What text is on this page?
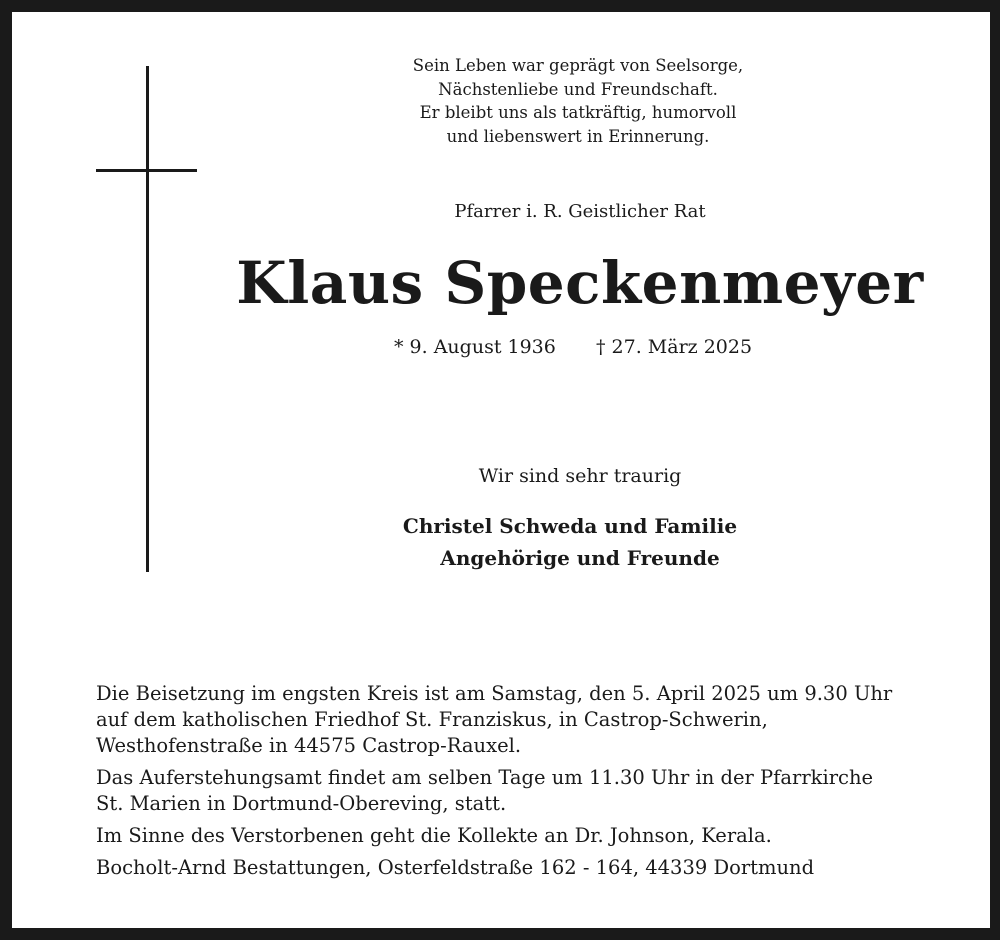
Sein Leben war geprägt von Seelsorge,
Nächstenliebe und Freundschaft.
Er bleibt uns als tatkräftig, humorvoll
und liebenswert in Erinnerung.
Pfarrer i. R. Geistlicher Rat
Klaus Speckenmeyer
* 9. August 1936 † 27. März 2025
Wir sind sehr traurig
Christel Schweda und Familie
Angehörige und Freunde

Die Beisetzung im engsten Kreis ist am Samstag, den 5. April 2025 um 9.30 Uhr
auf dem katholischen Friedhof St. Franziskus, in Castrop-Schwerin,
Westhofenstraße in 44575 Castrop-Rauxel.

Das Auferstehungsamt findet am selben Tage um 11.30 Uhr in der Pfarrkirche
St. Marien in Dortmund-Obereving, statt.

Im Sinne des Verstorbenen geht die Kollekte an Dr. Johnson, Kerala.

Bocholt-Arnd Bestattungen, Osterfeldstraße 162 - 164, 44339 Dortmund
